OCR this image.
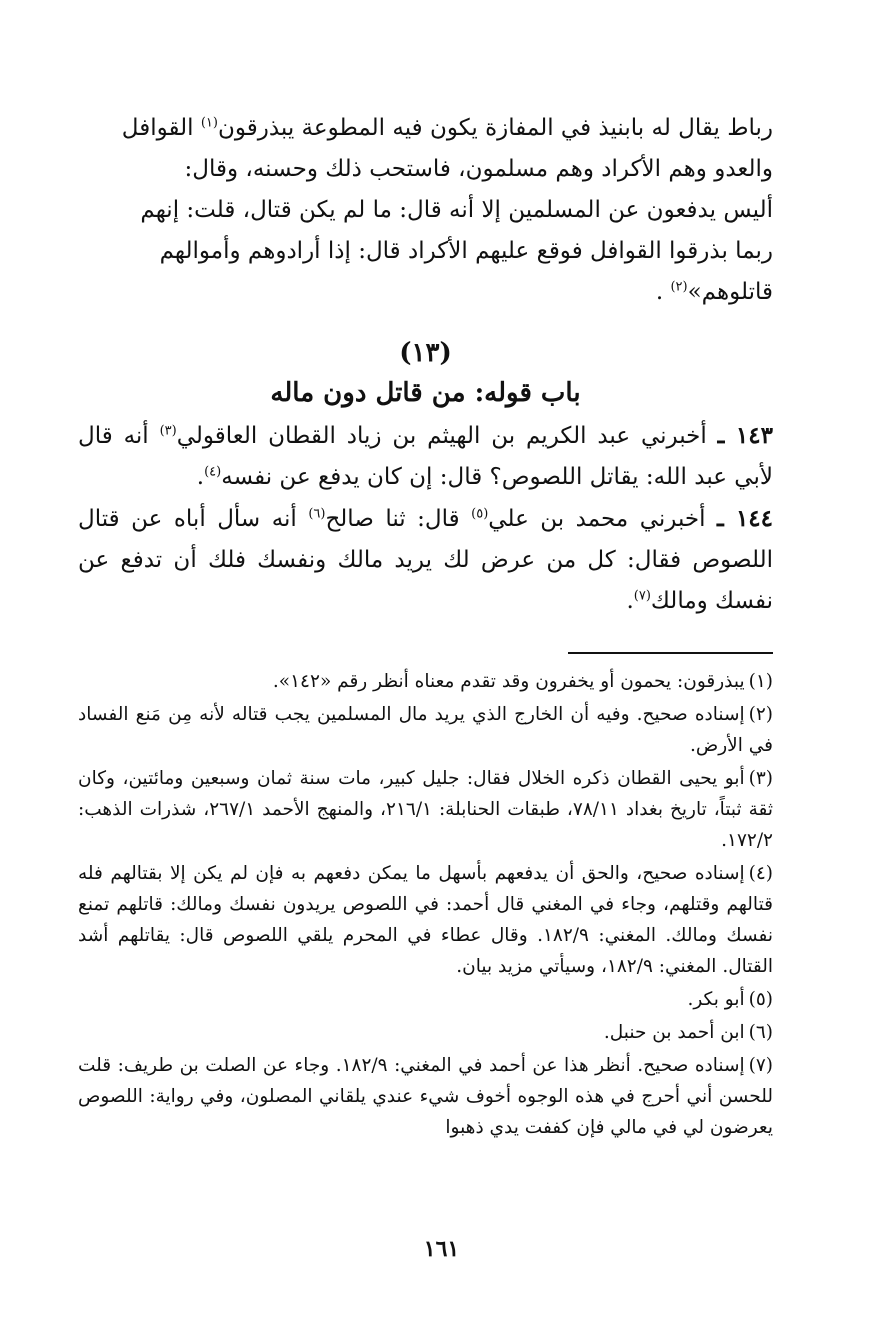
رباط يقال له بابنيذ في المفازة يكون فيه المطوعة يبذرقون$^{(١)}$ القوافل

والعدو وهم الأكراد وهم مسلمون، فاستحب ذلك وحسنه، وقال:

أليس يدفعون عن المسلمين إلا أنه قال: ما لم يكن قتال، قلت: إنهم

ربما بذرقوا القوافل فوقع عليهم الأكراد قال: إذا أرادوهم وأموالهم

قاتلوهم»$^{(٢)}$ .

(١٣)
باب قوله: من قاتل دون ماله

١٤٣ ـ أخبرني عبد الكريم بن الهيثم بن زياد القطان العاقولي$^{(٣)}$ أنه قال لأبي عبد الله: يقاتل اللصوص؟ قال: إن كان يدفع عن نفسه$^{(٤)}$.

١٤٤ ـ أخبرني محمد بن علي$^{(٥)}$ قال: ثنا صالح$^{(٦)}$ أنه سأل أباه عن قتال اللصوص فقال: كل من عرض لك يريد مالك ونفسك فلك أن تدفع عن نفسك ومالك$^{(٧)}$.

(١)يبذرقون: يحمون أو يخفرون وقد تقدم معناه أنظر رقم «١٤٢».

(٢)إسناده صحيح. وفيه أن الخارج الذي يريد مال المسلمين يجب قتاله لأنه مِن مَنع الفساد في الأرض.

(٣)أبو يحيى القطان ذكره الخلال فقال: جليل كبير، مات سنة ثمان وسبعين ومائتين، وكان ثقة ثبتاً، تاريخ بغداد ٧٨/١١، طبقات الحنابلة: ٢١٦/١، والمنهج الأحمد ٢٦٧/١، شذرات الذهب: ١٧٢/٢.

(٤)إسناده صحيح، والحق أن يدفعهم بأسهل ما يمكن دفعهم به فإن لم يكن إلا بقتالهم فله قتالهم وقتلهم، وجاء في المغني قال أحمد: في اللصوص يريدون نفسك ومالك: قاتلهم تمنع نفسك ومالك. المغني: ١٨٢/٩. وقال عطاء في المحرم يلقي اللصوص قال: يقاتلهم أشد القتال. المغني: ١٨٢/٩، وسيأتي مزيد بيان.

(٥)أبو بكر.

(٦)ابن أحمد بن حنبل.

(٧)إسناده صحيح. أنظر هذا عن أحمد في المغني: ١٨٢/٩. وجاء عن الصلت بن طريف: قلت للحسن أني أحرج في هذه الوجوه أخوف شيء عندي يلقاني المصلون، وفي رواية: اللصوص يعرضون لي في مالي فإن كففت يدي ذهبوا

١٦١
